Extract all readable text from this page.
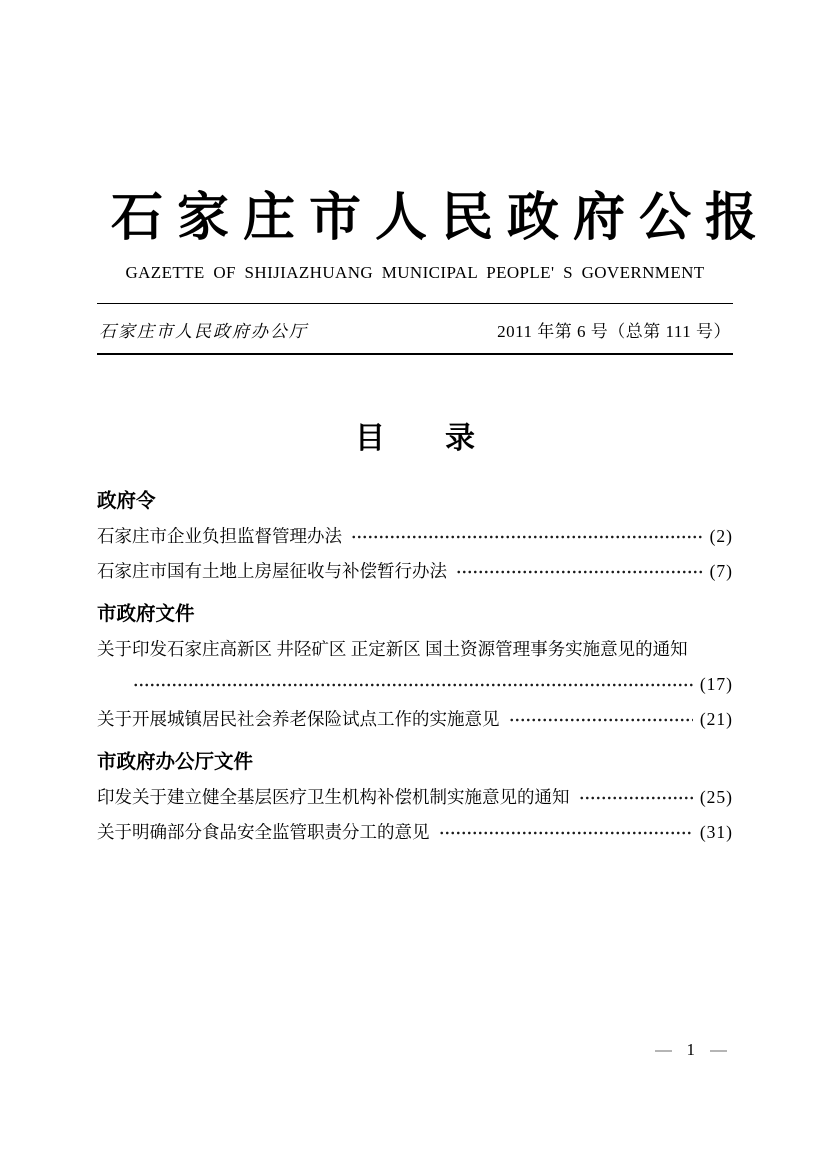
石家庄市人民政府公报
GAZETTE OF SHIJIAZHUANG MUNICIPAL PEOPLE' S GOVERNMENT
石家庄市人民政府办公厅	2011 年第 6 号（总第 111 号）
目　　录
政府令
石家庄市企业负担监督管理办法	(2)
石家庄市国有土地上房屋征收与补偿暂行办法	(7)
市政府文件
关于印发石家庄高新区 井陉矿区 正定新区 国土资源管理事务实施意见的通知
(17)
关于开展城镇居民社会养老保险试点工作的实施意见	(21)
市政府办公厅文件
印发关于建立健全基层医疗卫生机构补偿机制实施意见的通知	(25)
关于明确部分食品安全监管职责分工的意见	(31)
1
